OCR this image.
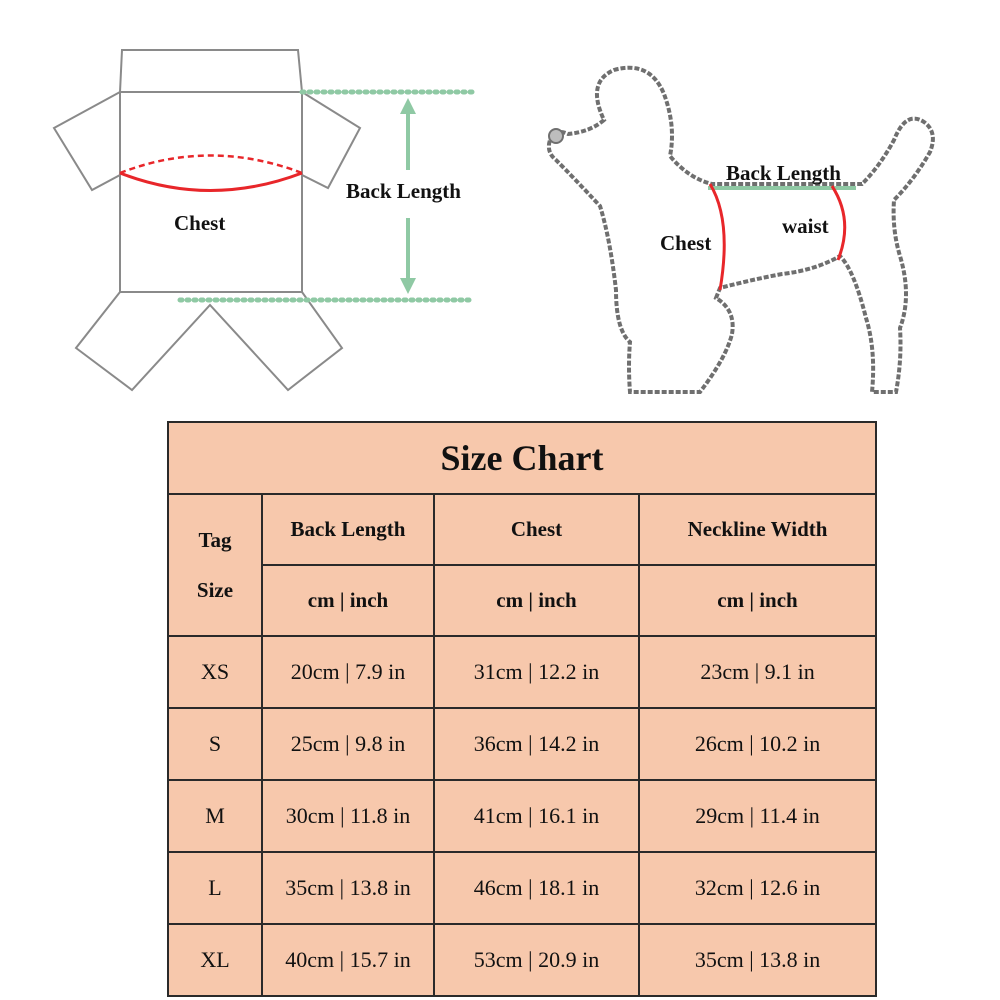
Back Length
Chest
Back Length
Chest
waist
Size Chart			
Tag
Size	Back Length	Chest	Neckline Width
	cm | inch	cm | inch	cm | inch
XS	20cm | 7.9 in	31cm | 12.2 in	23cm | 9.1 in
S	25cm | 9.8 in	36cm | 14.2 in	26cm | 10.2 in
M	30cm | 11.8 in	41cm | 16.1 in	29cm | 11.4 in
L	35cm | 13.8 in	46cm | 18.1 in	32cm | 12.6 in
XL	40cm | 15.7 in	53cm | 20.9 in	35cm | 13.8 in
